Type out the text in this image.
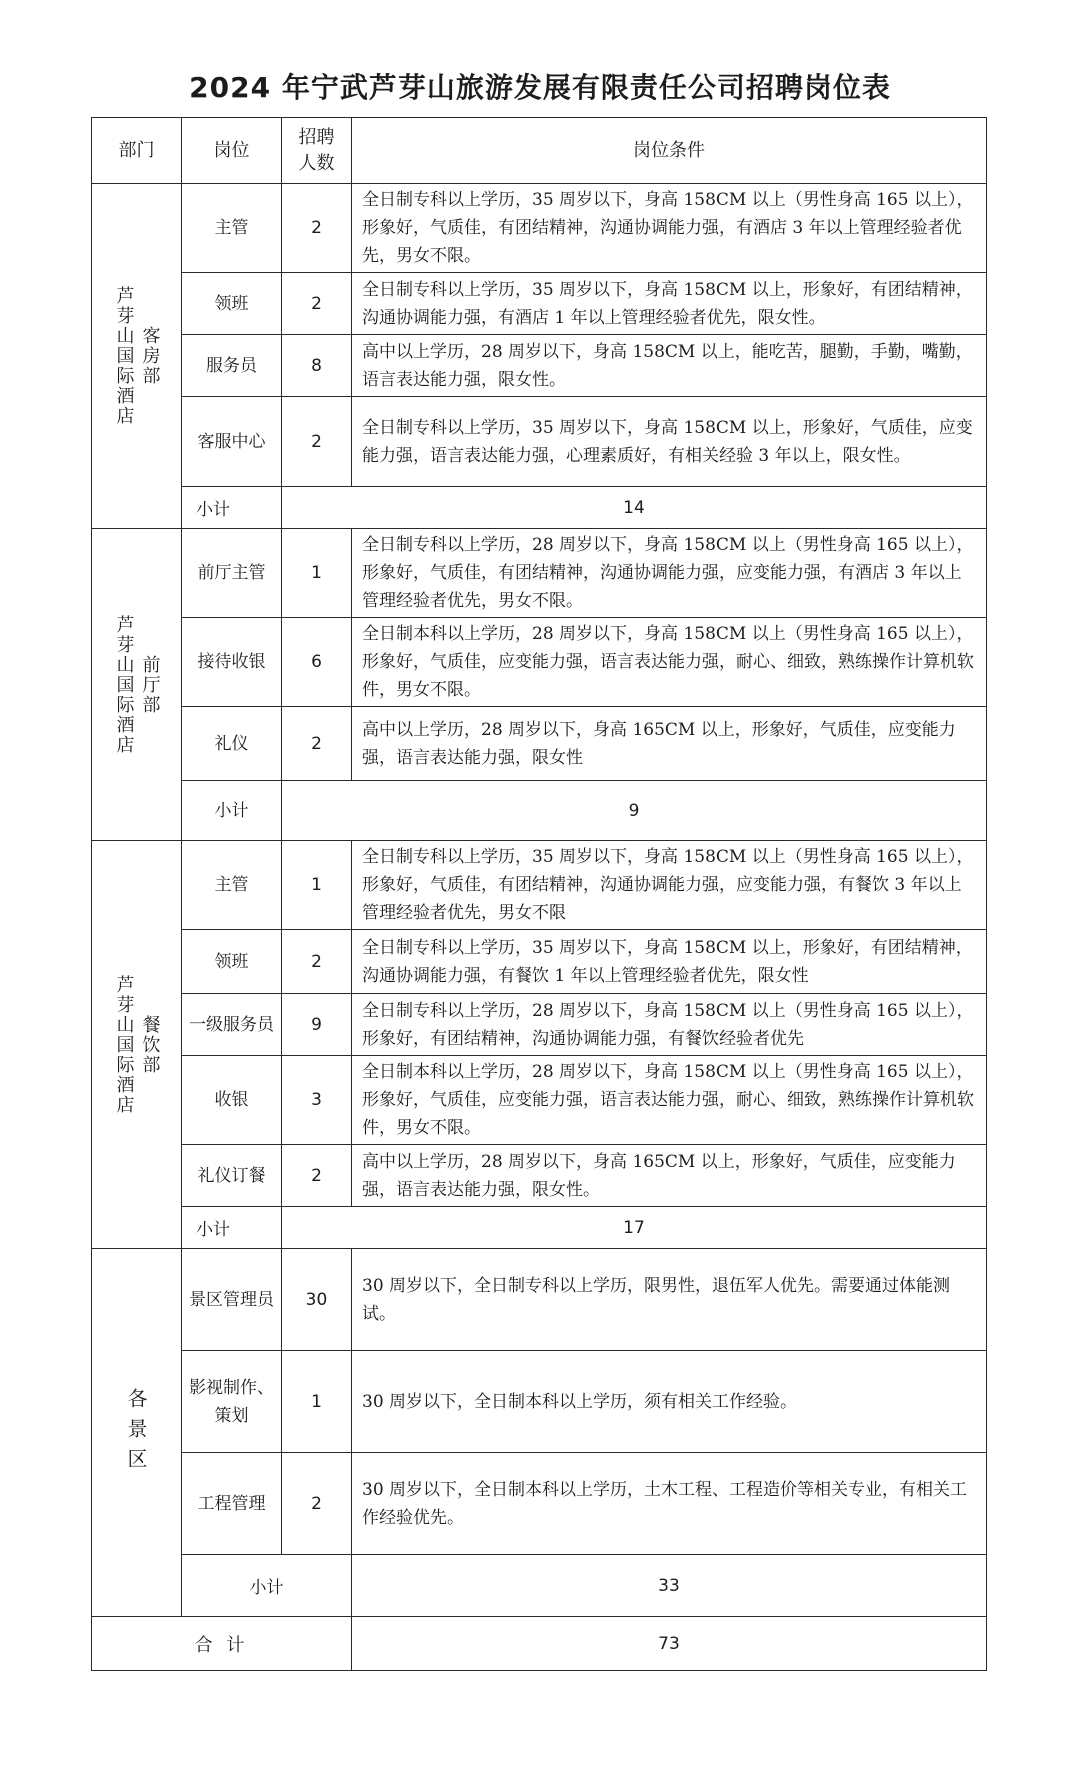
2024 年宁武芦芽山旅游发展有限责任公司招聘岗位表
部门	岗位	招聘人数	岗位条件

芦芽山国际酒店 客房部	主管	2	全日制专科以上学历，35 周岁以下，身高 158CM 以上（男性身高 165 以上），形象好，气质佳，有团结精神，沟通协调能力强，有酒店 3 年以上管理经验者优先，男女不限。
	领班	2	全日制专科以上学历，35 周岁以下，身高 158CM 以上，形象好，有团结精神，沟通协调能力强，有酒店 1 年以上管理经验者优先，限女性。
	服务员	8	高中以上学历，28 周岁以下，身高 158CM 以上，能吃苦，腿勤，手勤，嘴勤，语言表达能力强，限女性。
	客服中心	2	全日制专科以上学历，35 周岁以下，身高 158CM 以上，形象好，气质佳，应变能力强，语言表达能力强，心理素质好，有相关经验 3 年以上，限女性。
	小计	14	

芦芽山国际酒店 前厅部	前厅主管	1	全日制专科以上学历，28 周岁以下，身高 158CM 以上（男性身高 165 以上），形象好，气质佳，有团结精神，沟通协调能力强，应变能力强，有酒店 3 年以上管理经验者优先，男女不限。
	接待收银	6	全日制本科以上学历，28 周岁以下，身高 158CM 以上（男性身高 165 以上），形象好，气质佳，应变能力强，语言表达能力强，耐心、细致，熟练操作计算机软件，男女不限。
	礼仪	2	高中以上学历，28 周岁以下，身高 165CM 以上，形象好，气质佳，应变能力强，语言表达能力强，限女性
	小计	9	

芦芽山国际酒店 餐饮部	主管	1	全日制专科以上学历，35 周岁以下，身高 158CM 以上（男性身高 165 以上），形象好，气质佳，有团结精神，沟通协调能力强，应变能力强，有餐饮 3 年以上管理经验者优先，男女不限
	领班	2	全日制专科以上学历，35 周岁以下，身高 158CM 以上，形象好，有团结精神，沟通协调能力强，有餐饮 1 年以上管理经验者优先，限女性
	一级服务员	9	全日制专科以上学历，28 周岁以下，身高 158CM 以上（男性身高 165 以上），形象好，有团结精神，沟通协调能力强，有餐饮经验者优先
	收银	3	全日制本科以上学历，28 周岁以下，身高 158CM 以上（男性身高 165 以上），形象好，气质佳，应变能力强，语言表达能力强，耐心、细致，熟练操作计算机软件，男女不限。
	礼仪订餐	2	高中以上学历，28 周岁以下，身高 165CM 以上，形象好，气质佳，应变能力强，语言表达能力强，限女性。
	小计	17	

各景区	景区管理员	30	30 周岁以下，全日制专科以上学历，限男性，退伍军人优先。需要通过体能测试。
	影视制作、策划	1	30 周岁以下，全日制本科以上学历，须有相关工作经验。
	工程管理	2	30 周岁以下，全日制本科以上学历，土木工程、工程造价等相关专业，有相关工作经验优先。
	小计		33
合 计			73
